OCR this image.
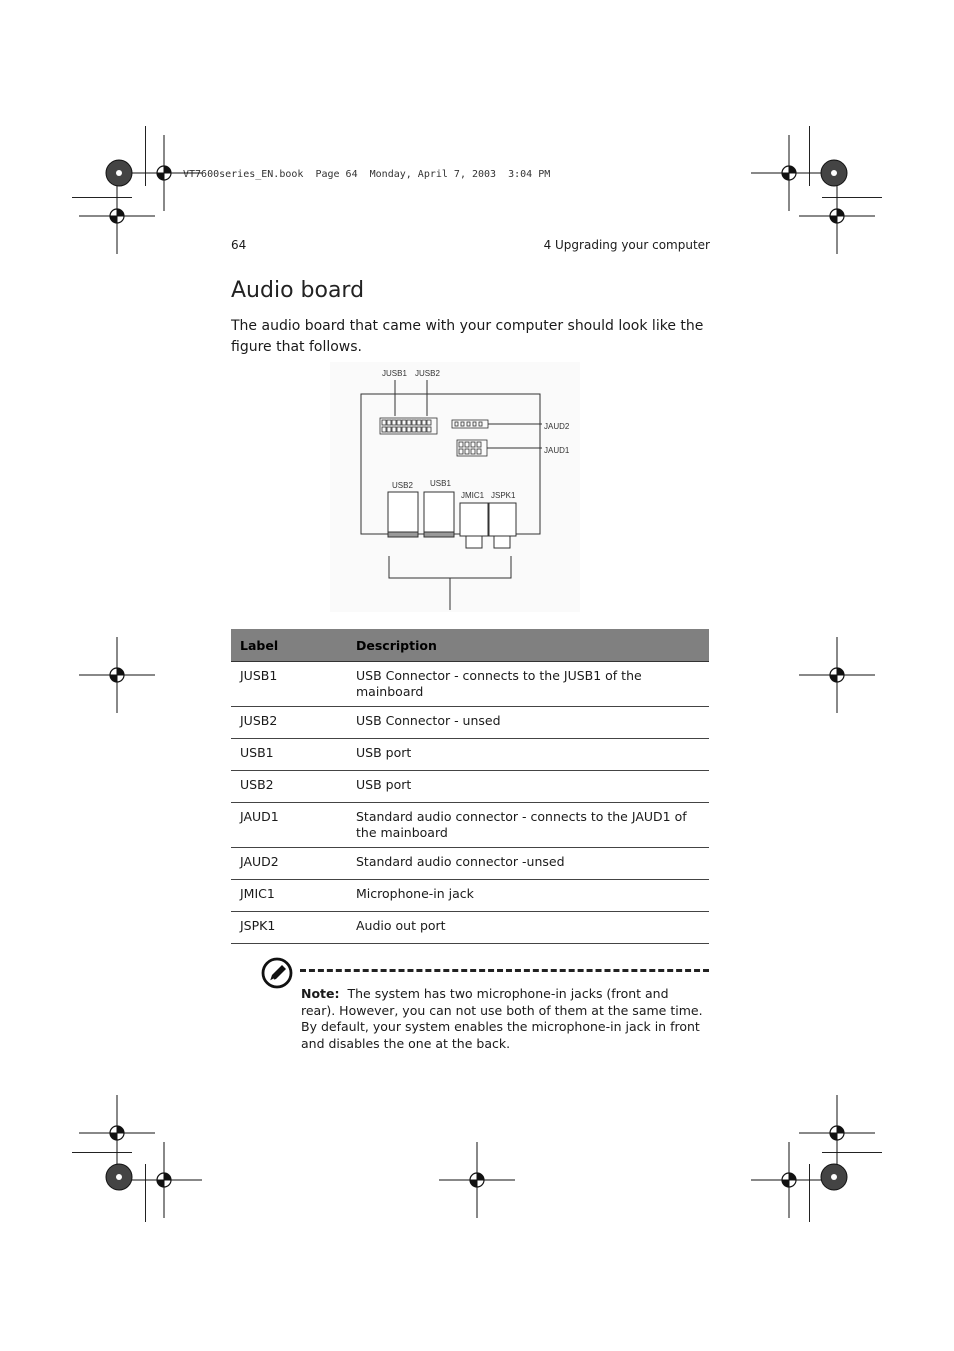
VT7600series_EN.book  Page 64  Monday, April 7, 2003  3:04 PM
64	4 Upgrading your computer
Audio board
The audio board that came with your computer should look like the figure that follows.
JUSB1 JUSB2
JAUD2
JAUD1
USB2 USB1
JMIC1 JSPK1
Label	Description
JUSB1	USB Connector - connects to the JUSB1 of the mainboard
JUSB2	USB Connector - unsed
USB1	USB port
USB2	USB port
JAUD1	Standard audio connector - connects to the JAUD1 of the mainboard
JAUD2	Standard audio connector -unsed
JMIC1	Microphone-in jack
JSPK1	Audio out port
Note: The system has two microphone-in jacks (front and rear). However, you can not use both of them at the same time. By default, your system enables the microphone-in jack in front and disables the one at the back.
